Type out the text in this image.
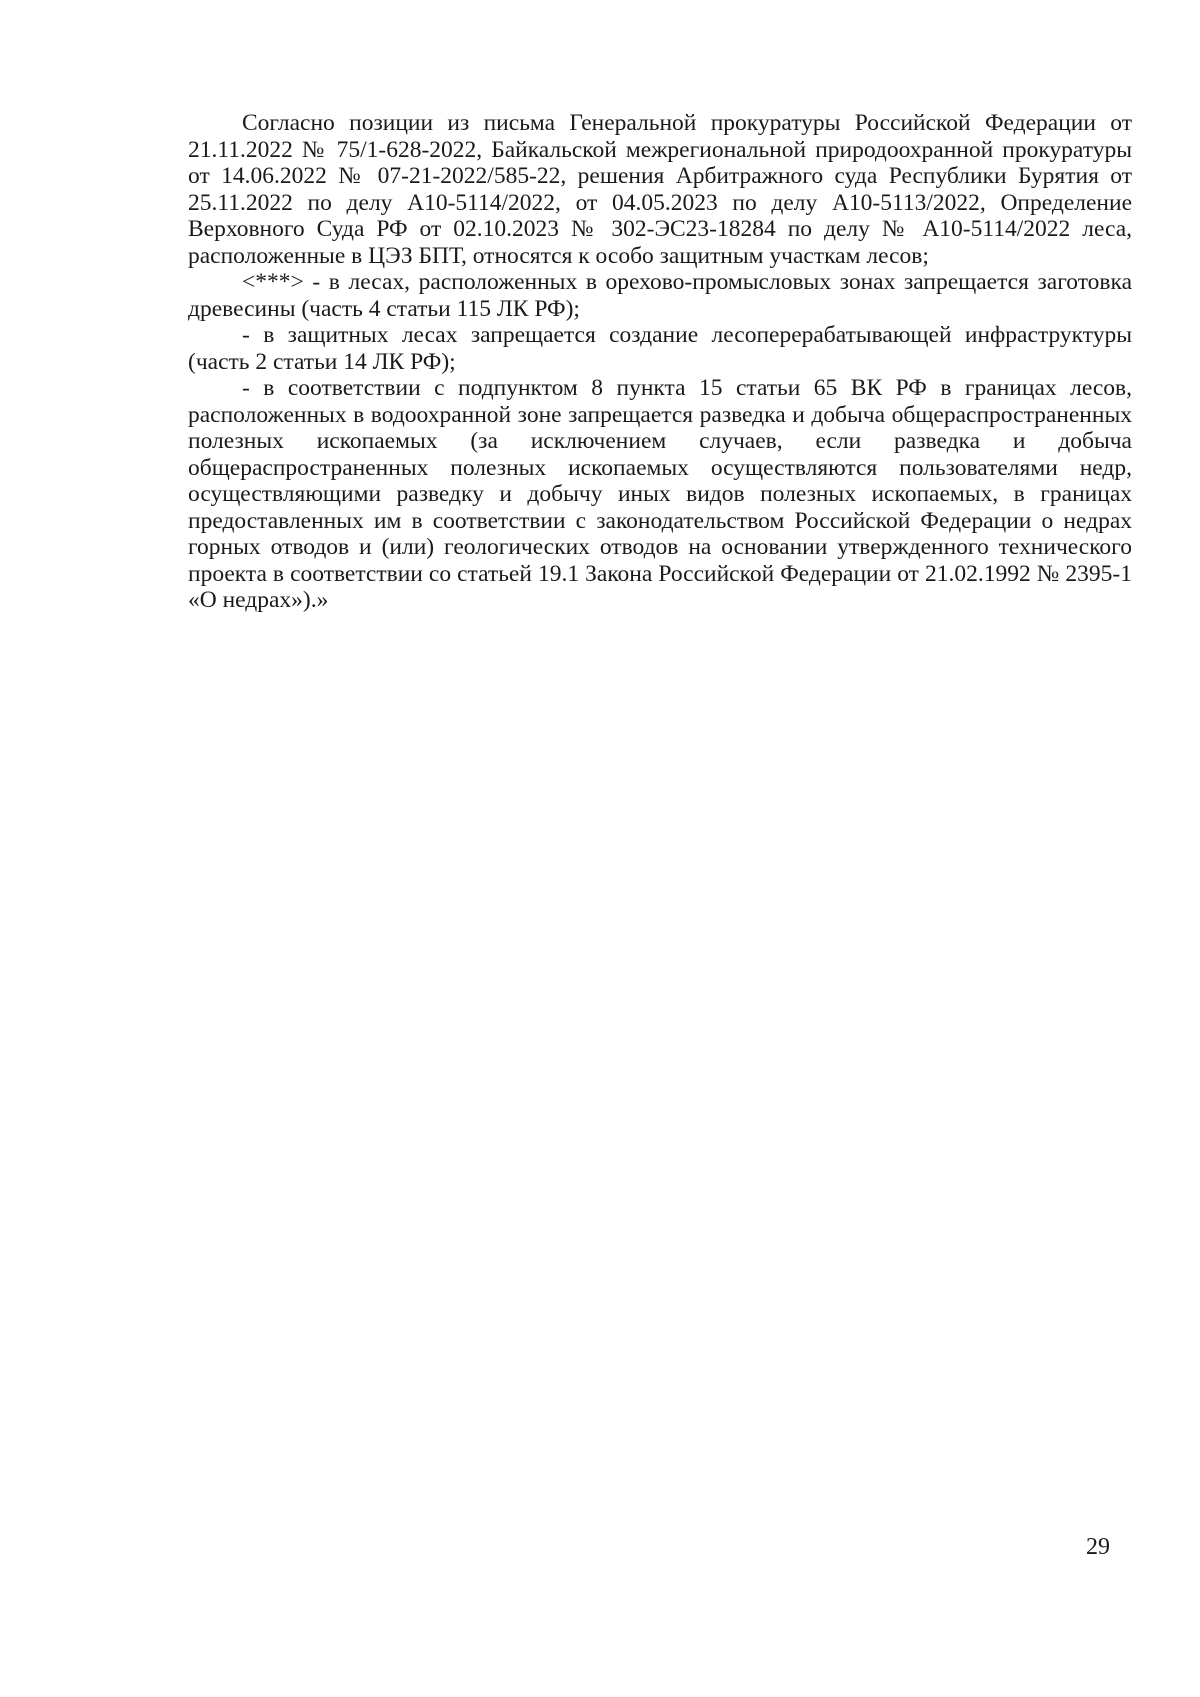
Согласно позиции из письма Генеральной прокуратуры Российской Федерации от 21.11.2022 № 75/1-628-2022, Байкальской межрегиональной природоохранной прокуратуры от 14.06.2022 № 07-21-2022/585-22, решения Арбитражного суда Республики Бурятия от 25.11.2022 по делу А10-5114/2022, от 04.05.2023 по делу А10-5113/2022, Определение Верховного Суда РФ от 02.10.2023 № 302-ЭС23-18284 по делу № А10-5114/2022 леса, расположенные в ЦЭЗ БПТ, относятся к особо защитным участкам лесов;

<***> - в лесах, расположенных в орехово-промысловых зонах запрещается заготовка древесины (часть 4 статьи 115 ЛК РФ);

- в защитных лесах запрещается создание лесоперерабатывающей инфраструктуры (часть 2 статьи 14 ЛК РФ);

- в соответствии с подпунктом 8 пункта 15 статьи 65 ВК РФ в границах лесов, расположенных в водоохранной зоне запрещается разведка и добыча общераспространенных полезных ископаемых (за исключением случаев, если разведка и добыча общераспространенных полезных ископаемых осуществляются пользователями недр, осуществляющими разведку и добычу иных видов полезных ископаемых, в границах предоставленных им в соответствии с законодательством Российской Федерации о недрах горных отводов и (или) геологических отводов на основании утвержденного технического проекта в соответствии со статьей 19.1 Закона Российской Федерации от 21.02.1992 № 2395-1 «О недрах»).»

29
